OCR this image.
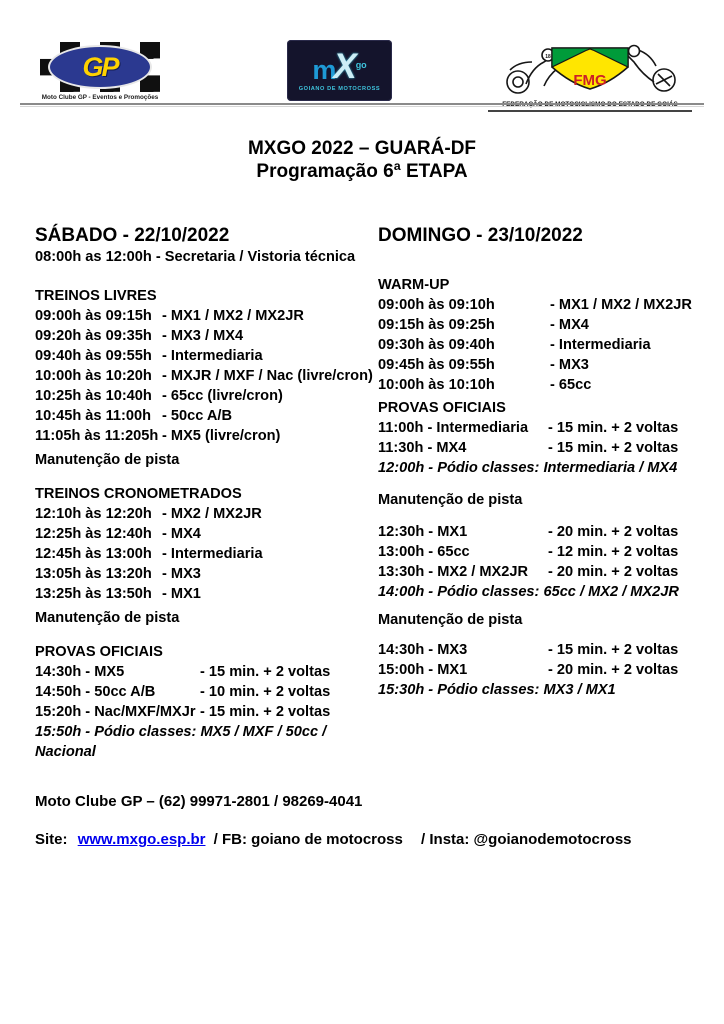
GP
Moto Clube GP - Eventos e Promoções
m
X go
GOIANO DE MOTOCROSS
18
FMG
FEDERAÇÃO DE MOTOCICLISMO DO ESTADO DE GOIÁS
MXGO 2022 – GUARÁ-DF
Programação 6ª ETAPA
SÁBADO - 22/10/2022
08:00h as 12:00h - Secretaria / Vistoria técnica
TREINOS LIVRES
09:00h às 09:15h - MX1 / MX2 / MX2JR
09:20h às 09:35h - MX3 / MX4
09:40h às 09:55h - Intermediaria
10:00h às 10:20h - MXJR / MXF / Nac (livre/cron)
10:25h às 10:40h - 65cc (livre/cron)
10:45h às 11:00h - 50cc A/B
11:05h às 11:205h - MX5 (livre/cron)
Manutenção de pista
TREINOS CRONOMETRADOS
12:10h às 12:20h - MX2 / MX2JR
12:25h às 12:40h - MX4
12:45h às 13:00h - Intermediaria
13:05h às 13:20h - MX3
13:25h às 13:50h - MX1
Manutenção de pista
PROVAS OFICIAIS
14:30h - MX5	- 15 min. + 2 voltas
14:50h - 50cc A/B	- 10 min. + 2 voltas
15:20h - Nac/MXF/MXJr - 15 min. + 2 voltas
15:50h - Pódio classes: MX5 / MXF / 50cc / Nacional
DOMINGO - 23/10/2022
WARM-UP
09:00h às 09:10h	- MX1 / MX2 / MX2JR
09:15h às 09:25h	- MX4
09:30h às 09:40h	- Intermediaria
09:45h às 09:55h	- MX3
10:00h às 10:10h	- 65cc
PROVAS OFICIAIS
11:00h - Intermediaria	- 15 min. + 2 voltas
11:30h - MX4	- 15 min. + 2 voltas
12:00h - Pódio classes: Intermediaria / MX4
Manutenção de pista
12:30h - MX1	- 20 min. + 2 voltas
13:00h - 65cc	- 12 min. + 2 voltas
13:30h - MX2 / MX2JR	- 20 min. + 2 voltas
14:00h - Pódio classes: 65cc / MX2 / MX2JR
Manutenção de pista
14:30h - MX3	- 15 min. + 2 voltas
15:00h - MX1	- 20 min. + 2 voltas
15:30h - Pódio classes: MX3 / MX1
Moto Clube GP – (62) 99971-2801 / 98269-4041
Site: www.mxgo.esp.br / FB: goiano de motocross / Insta: @goianodemotocross
